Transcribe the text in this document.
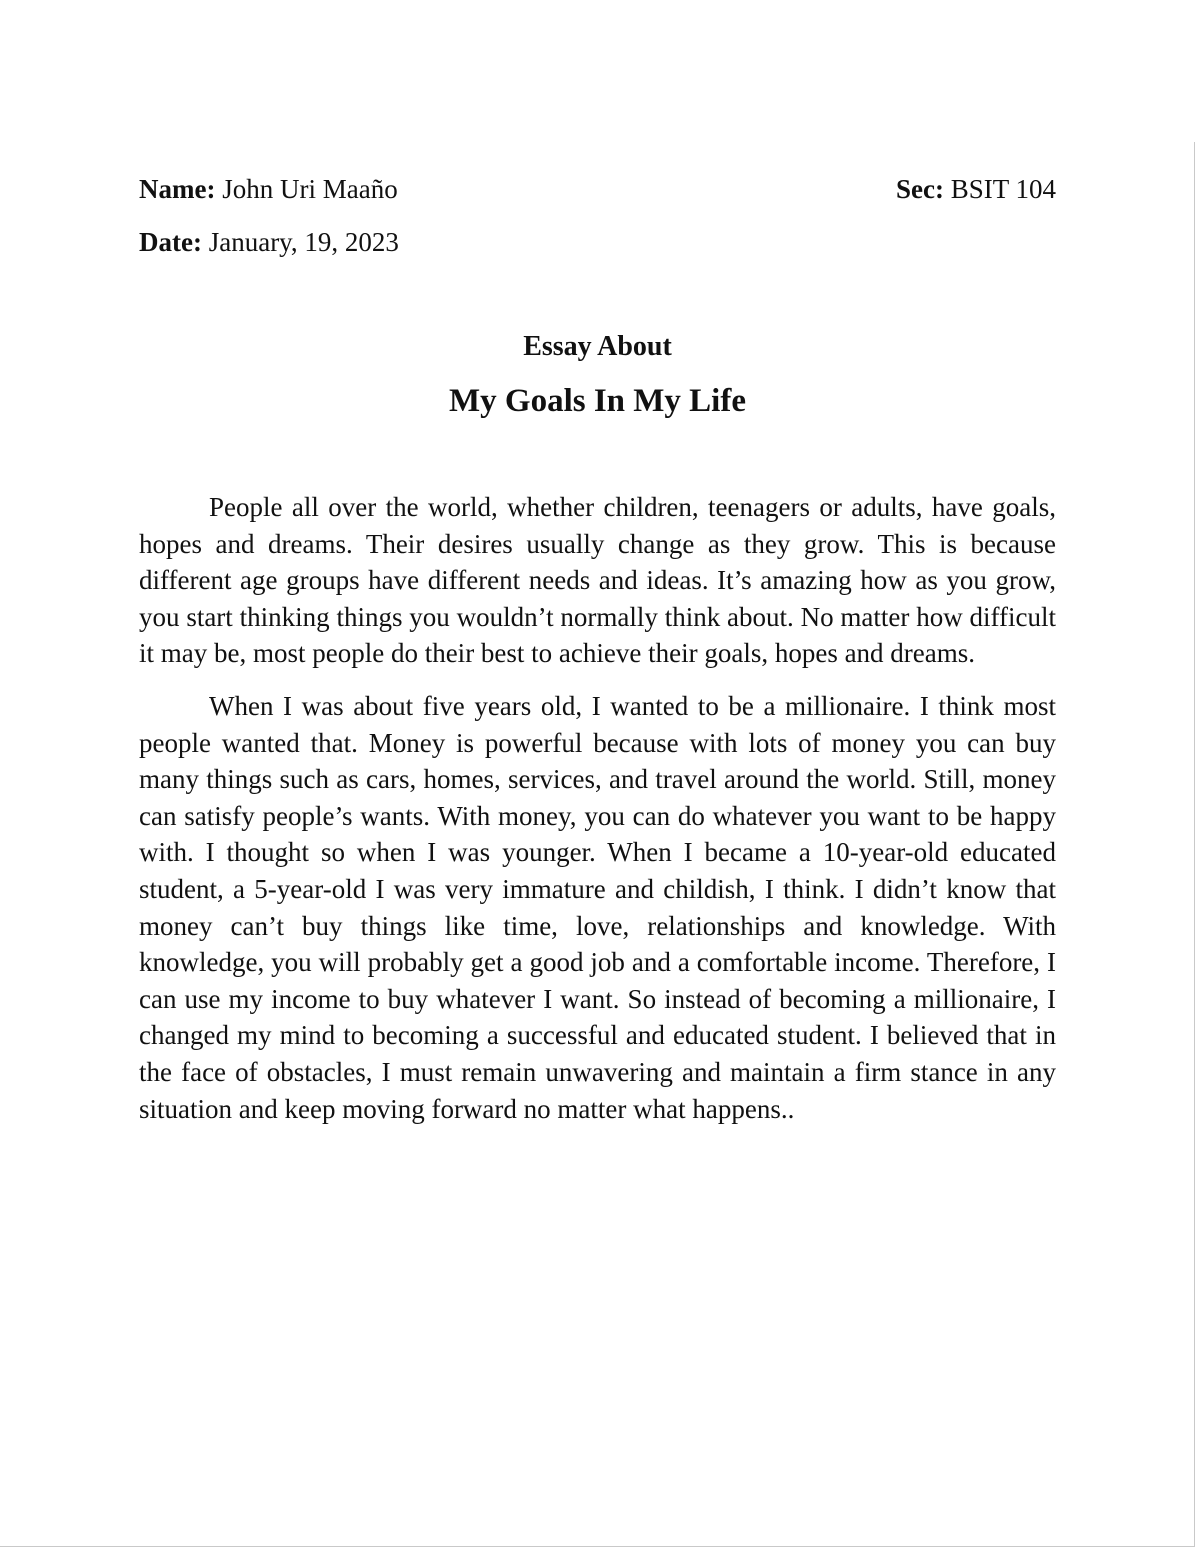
Name: John Uri Maaño	Sec: BSIT 104
Date: January, 19, 2023
Essay About
My Goals In My Life

People all over the world, whether children, teenagers or adults, have goals, hopes and dreams. Their desires usually change as they grow. This is because different age groups have different needs and ideas. It’s amazing how as you grow, you start thinking things you wouldn’t normally think about. No matter how difficult it may be, most people do their best to achieve their goals, hopes and dreams.

When I was about five years old, I wanted to be a millionaire. I think most people wanted that. Money is powerful because with lots of money you can buy many things such as cars, homes, services, and travel around the world. Still, money can satisfy people’s wants. With money, you can do whatever you want to be happy with. I thought so when I was younger. When I became a 10-year-old educated student, a 5-year-old I was very immature and childish, I think. I didn’t know that money can’t buy things like time, love, relationships and knowledge. With knowledge, you will probably get a good job and a comfortable income. Therefore, I can use my income to buy whatever I want. So instead of becoming a millionaire, I changed my mind to becoming a successful and educated student. I believed that in the face of obstacles, I must remain unwavering and maintain a firm stance in any situation and keep moving forward no matter what happens..
